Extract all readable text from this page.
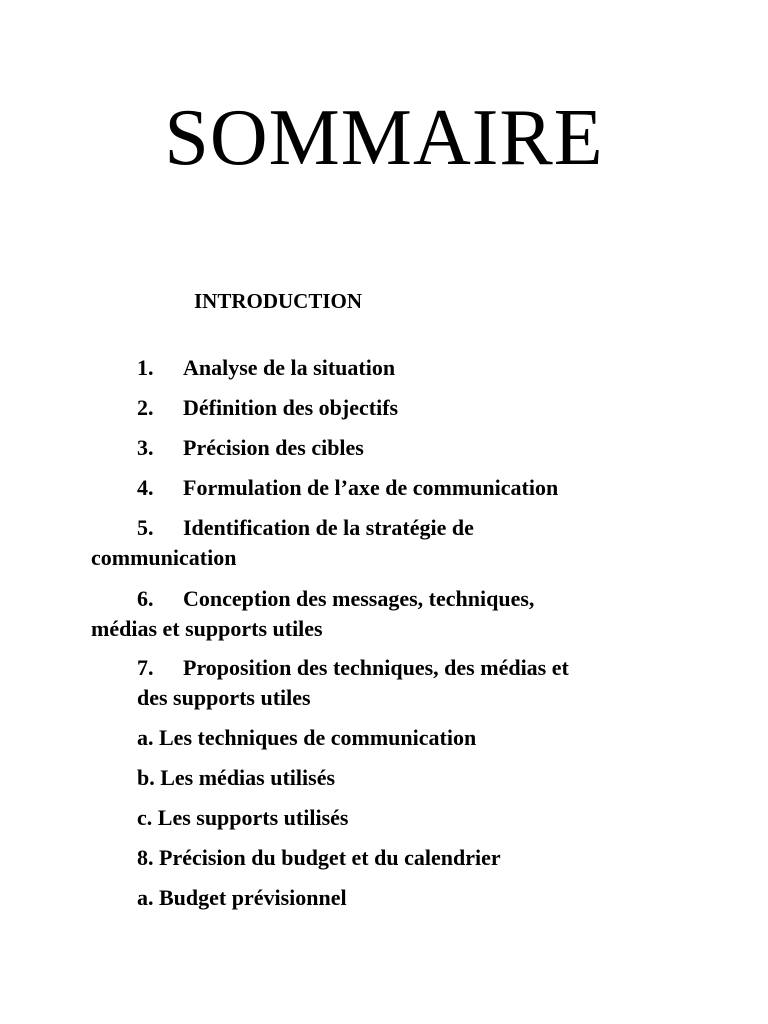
SOMMAIRE
INTRODUCTION
1. Analyse de la situation
2. Définition des objectifs
3. Précision des cibles
4. Formulation de l’axe de communication
5. Identification de la stratégie de
communication
6. Conception des messages, techniques,
médias et supports utiles
7. Proposition des techniques, des médias et
des supports utiles
a. Les techniques de communication
b. Les médias utilisés
c. Les supports utilisés
8. Précision du budget et du calendrier
a. Budget prévisionnel
